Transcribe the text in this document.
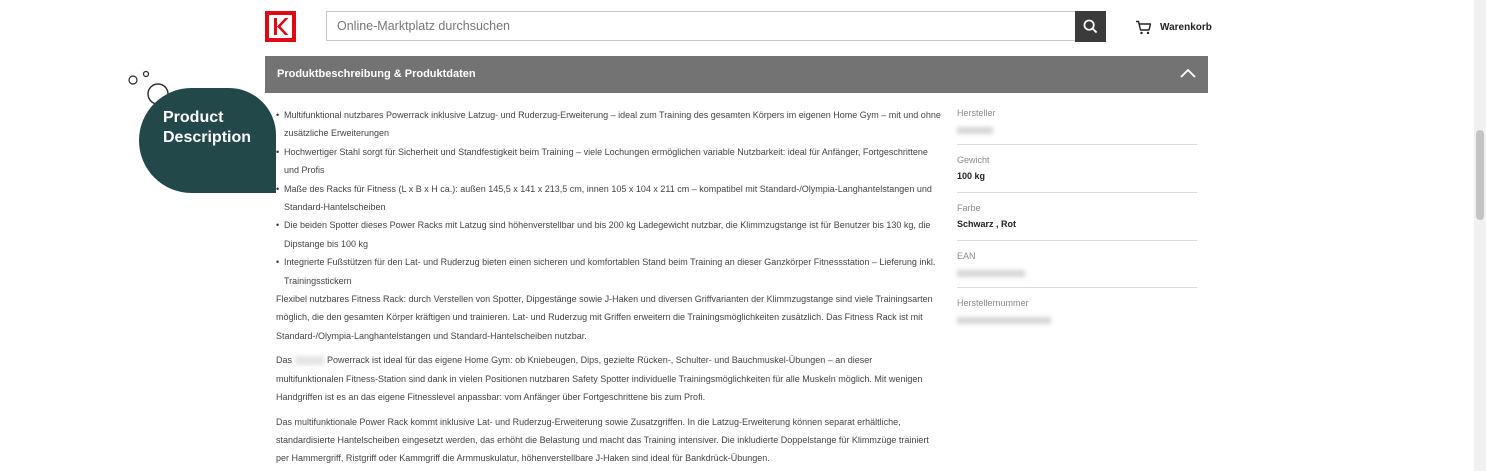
Online-Marktplatz durchsuchen
Warenkorb
Produktbeschreibung & Produktdaten
• Multifunktional nutzbares Powerrack inklusive Latzug- und Ruderzug-Erweiterung – ideal zum Training des gesamten Körpers im eigenen Home Gym – mit und ohne zusätzliche Erweiterungen
• Hochwertiger Stahl sorgt für Sicherheit und Standfestigkeit beim Training – viele Lochungen ermöglichen variable Nutzbarkeit: ideal für Anfänger, Fortgeschrittene und Profis
• Maße des Racks für Fitness (L x B x H ca.): außen 145,5 x 141 x 213,5 cm, innen 105 x 104 x 211 cm – kompatibel mit Standard-/Olympia-Langhantelstangen und Standard-Hantelscheiben
• Die beiden Spotter dieses Power Racks mit Latzug sind höhenverstellbar und bis 200 kg Ladegewicht nutzbar, die Klimmzugstange ist für Benutzer bis 130 kg, die Dipstange bis 100 kg
• Integrierte Fußstützen für den Lat- und Ruderzug bieten einen sicheren und komfortablen Stand beim Training an dieser Ganzkörper Fitnessstation – Lieferung inkl. Trainingsstickern

Flexibel nutzbares Fitness Rack: durch Verstellen von Spotter, Dipgestänge sowie J-Haken und diversen Griffvarianten der Klimmzugstange sind viele Trainingsarten möglich, die den gesamten Körper kräftigen und trainieren. Lat- und Ruderzug mit Griffen erweitern die Trainingsmöglichkeiten zusätzlich. Das Fitness Rack ist mit Standard-/Olympia-Langhantelstangen und Standard-Hantelscheiben nutzbar.

Das	Powerrack ist ideal für das eigene Home Gym: ob Kniebeugen, Dips, gezielte Rücken-, Schulter- und Bauchmuskel-Übungen – an dieser multifunktionalen Fitness-Station sind dank in vielen Positionen nutzbaren Safety Spotter individuelle Trainingsmöglichkeiten für alle Muskeln möglich. Mit wenigen Handgriffen ist es an das eigene Fitnesslevel anpassbar: vom Anfänger über Fortgeschrittene bis zum Profi.

Das multifunktionale Power Rack kommt inklusive Lat- und Ruderzug-Erweiterung sowie Zusatzgriffen. In die Latzug-Erweiterung können separat erhältliche, standardisierte Hantelscheiben eingesetzt werden, das erhöht die Belastung und macht das Training intensiver. Die inkludierte Doppelstange für Klimmzüge trainiert per Hammergriff, Ristgriff oder Kammgriff die Armmuskulatur, höhenverstellbare J-Haken sind ideal für Bankdrück-Übungen.

Hersteller
Gewicht
100 kg
Farbe
Schwarz , Rot
EAN
Herstellernummer
Product
Description
